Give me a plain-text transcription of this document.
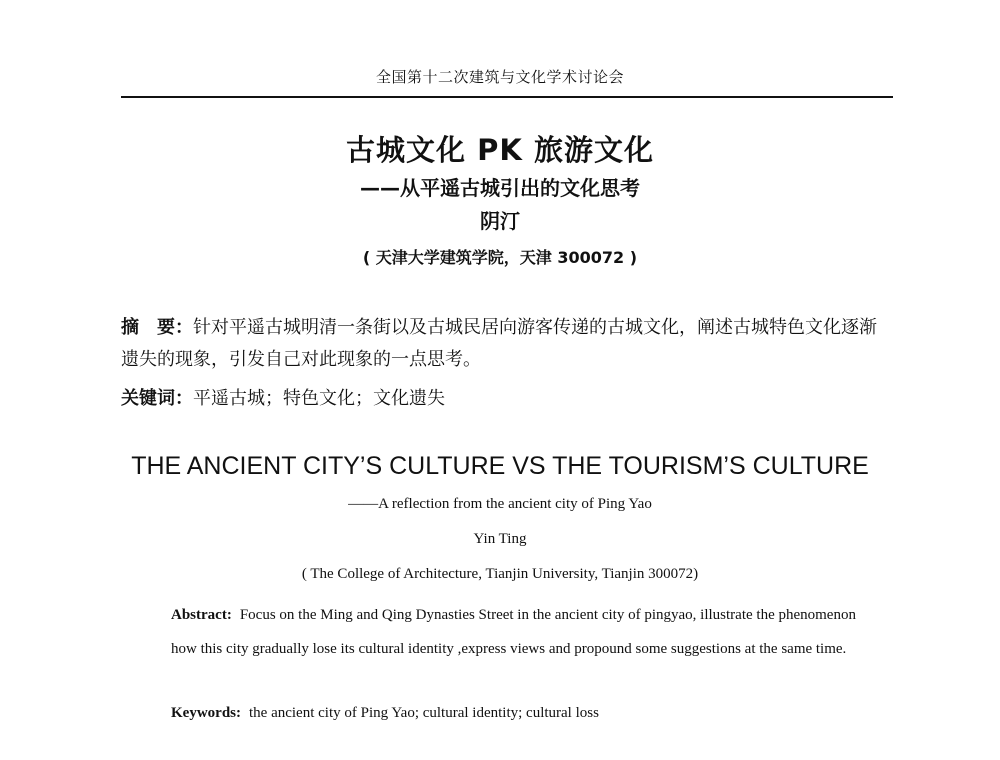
全国第十二次建筑与文化学术讨论会
古城文化 PK 旅游文化
——从平遥古城引出的文化思考
阴汀
( 天津大学建筑学院，天津 300072 )
摘　要：针对平遥古城明清一条街以及古城民居向游客传递的古城文化，阐述古城特色文化逐渐遗失的现象，引发自己对此现象的一点思考。
关键词：平遥古城；特色文化；文化遗失
THE ANCIENT CITY’S CULTURE VS THE TOURISM’S CULTURE
——A reflection from the ancient city of Ping Yao
Yin Ting
( The College of Architecture, Tianjin University, Tianjin 300072)
Abstract: Focus on the Ming and Qing Dynasties Street in the ancient city of pingyao, illustrate the phenomenon how this city gradually lose its cultural identity ,express views and propound some suggestions at the same time.
Keywords: the ancient city of Ping Yao; cultural identity; cultural loss
